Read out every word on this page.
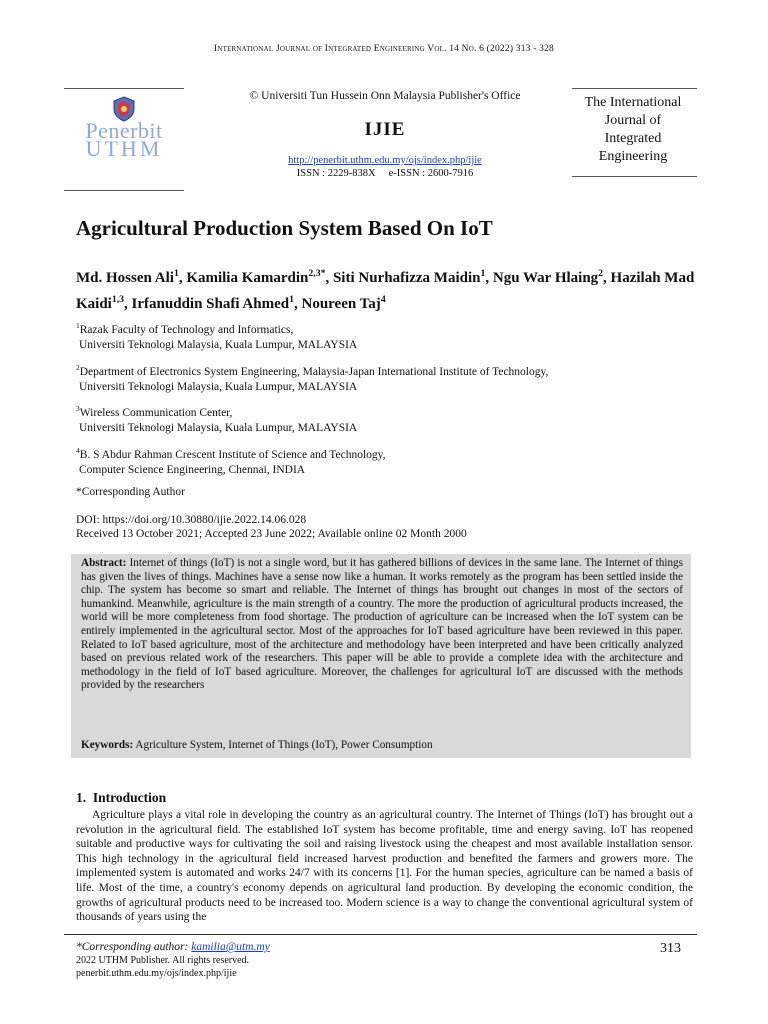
International Journal of Integrated Engineering Vol. 14 No. 6 (2022) 313 - 328
Penerbit
UTHM
© Universiti Tun Hussein Onn Malaysia Publisher's Office
IJIE
http://penerbit.uthm.edu.my/ojs/index.php/ijie
ISSN : 2229-838X     e-ISSN : 2600-7916
The International
Journal of
Integrated
Engineering
Agricultural Production System Based On IoT
Md. Hossen Ali$^1$, Kamilia Kamardin$^{2,3*}$, Siti Nurhafizza Maidin$^1$, Ngu War Hlaing$^2$, Hazilah Mad Kaidi$^{1,3}$, Irfanuddin Shafi Ahmed$^1$, Noureen Taj$^4$
$^1$Razak Faculty of Technology and Informatics,
Universiti Teknologi Malaysia, Kuala Lumpur, MALAYSIA
$^2$Department of Electronics System Engineering, Malaysia-Japan International Institute of Technology,
Universiti Teknologi Malaysia, Kuala Lumpur, MALAYSIA
$^3$Wireless Communication Center,
Universiti Teknologi Malaysia, Kuala Lumpur, MALAYSIA
$^4$B. S Abdur Rahman Crescent Institute of Science and Technology,
Computer Science Engineering, Chennai, INDIA
*Corresponding Author
DOI: https://doi.org/10.30880/ijie.2022.14.06.028
Received 13 October 2021; Accepted 23 June 2022; Available online 02 Month 2000
Abstract: Internet of things (IoT) is not a single word, but it has gathered billions of devices in the same lane. The Internet of things has given the lives of things. Machines have a sense now like a human. It works remotely as the program has been settled inside the chip. The system has become so smart and reliable. The Internet of things has brought out changes in most of the sectors of humankind. Meanwhile, agriculture is the main strength of a country. The more the production of agricultural products increased, the world will be more completeness from food shortage. The production of agriculture can be increased when the IoT system can be entirely implemented in the agricultural sector. Most of the approaches for IoT based agriculture have been reviewed in this paper. Related to IoT based agriculture, most of the architecture and methodology have been interpreted and have been critically analyzed based on previous related work of the researchers. This paper will be able to provide a complete idea with the architecture and methodology in the field of IoT based agriculture. Moreover, the challenges for agricultural IoT are discussed with the methods provided by the researchers
Keywords: Agriculture System, Internet of Things (IoT), Power Consumption
1.  Introduction
Agriculture plays a vital role in developing the country as an agricultural country. The Internet of Things (IoT) has brought out a revolution in the agricultural field. The established IoT system has become profitable, time and energy saving. IoT has reopened suitable and productive ways for cultivating the soil and raising livestock using the cheapest and most available installation sensor. This high technology in the agricultural field increased harvest production and benefited the farmers and growers more. The implemented system is automated and works 24/7 with its concerns [1]. For the human species, agriculture can be named a basis of life. Most of the time, a country's economy depends on agricultural land production. By developing the economic condition, the growths of agricultural products need to be increased too. Modern science is a way to change the conventional agricultural system of thousands of years using the
*Corresponding author: kamilia@utm.my
2022 UTHM Publisher. All rights reserved.
penerbit.uthm.edu.my/ojs/index.php/ijie
313
